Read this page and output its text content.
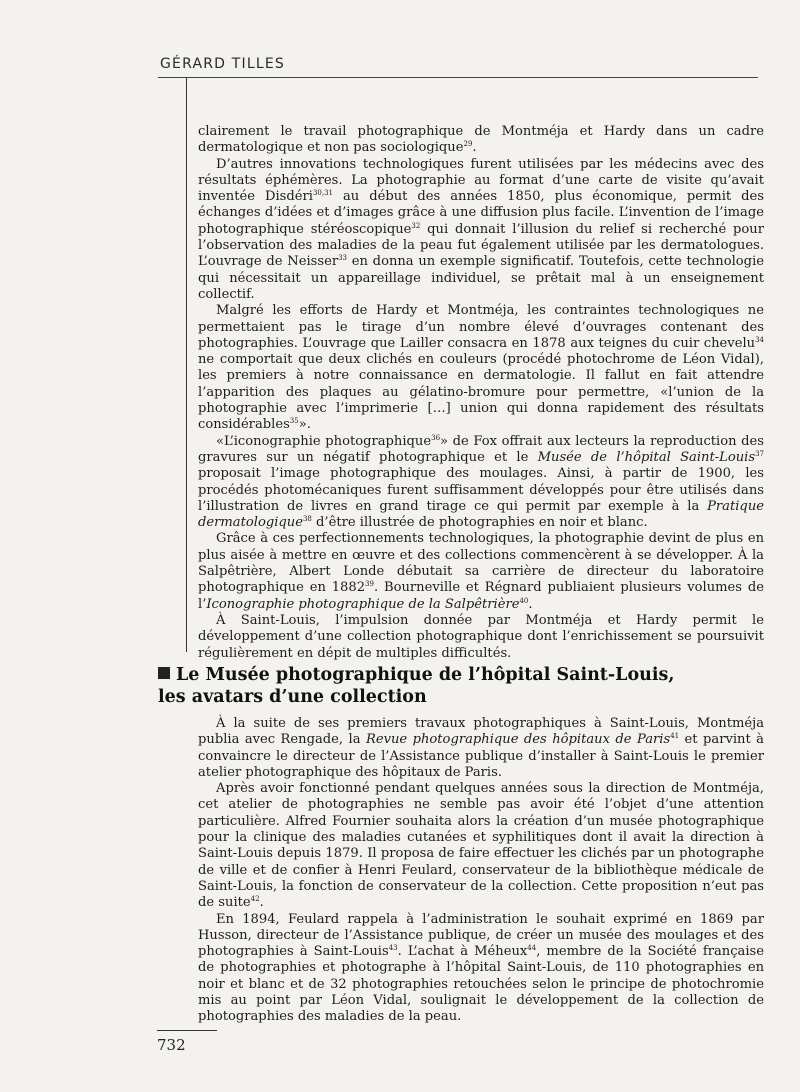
GÉRARD TILLES

clairement le travail photographique de Montméja et Hardy dans un cadre dermatologique et non pas sociologique$^{29}$.

D’autres innovations technologiques furent utilisées par les médecins avec des résultats éphémères. La photographie au format d’une carte de visite qu’avait inventée Disdéri$^{30,31}$ au début des années 1850, plus économique, permit des échanges d’idées et d’images grâce à une diffusion plus facile. L’invention de l’image photographique stéréoscopique$^{32}$ qui donnait l’illusion du relief si recherché pour l’observation des maladies de la peau fut également utilisée par les dermatologues. L’ouvrage de Neisser$^{33}$ en donna un exemple significatif. Toutefois, cette technologie qui nécessitait un appareillage individuel, se prêtait mal à un enseignement collectif.

Malgré les efforts de Hardy et Montméja, les contraintes technologiques ne permettaient pas le tirage d’un nombre élevé d’ouvrages contenant des photographies. L’ouvrage que Lailler consacra en 1878 aux teignes du cuir chevelu$^{34}$ ne comportait que deux clichés en couleurs (procédé photochrome de Léon Vidal), les premiers à notre connaissance en dermatologie. Il fallut en fait attendre l’apparition des plaques au gélatino-bromure pour permettre, «l’union de la photographie avec l’imprimerie […] union qui donna rapidement des résultats considérables$^{35}$».

«L’iconographie photographique$^{36}$» de Fox offrait aux lecteurs la reproduction des gravures sur un négatif photographique et le Musée de l’hôpital Saint-Louis$^{37}$ proposait l’image photographique des moulages. Ainsi, à partir de 1900, les procédés photomécaniques furent suffisamment développés pour être utilisés dans l’illustration de livres en grand tirage ce qui permit par exemple à la Pratique dermatologique$^{38}$ d’être illustrée de photographies en noir et blanc.

Grâce à ces perfectionnements technologiques, la photographie devint de plus en plus aisée à mettre en œuvre et des collections commencèrent à se développer. À la Salpêtrière, Albert Londe débutait sa carrière de directeur du laboratoire photographique en 1882$^{39}$. Bourneville et Régnard publiaient plusieurs volumes de l’Iconographie photographique de la Salpêtrière$^{40}$.

À Saint-Louis, l’impulsion donnée par Montméja et Hardy permit le développement d’une collection photographique dont l’enrichissement se poursuivit régulièrement en dépit de multiples difficultés.

Le Musée photographique de l’hôpital Saint-Louis,
les avatars d’une collection

À la suite de ses premiers travaux photographiques à Saint-Louis, Montméja publia avec Rengade, la Revue photographique des hôpitaux de Paris$^{41}$ et parvint à convaincre le directeur de l’Assistance publique d’installer à Saint-Louis le premier atelier photographique des hôpitaux de Paris.

Après avoir fonctionné pendant quelques années sous la direction de Montméja, cet atelier de photographies ne semble pas avoir été l’objet d’une attention particulière. Alfred Fournier souhaita alors la création d’un musée photographique pour la clinique des maladies cutanées et syphilitiques dont il avait la direction à Saint-Louis depuis 1879. Il proposa de faire effectuer les clichés par un photographe de ville et de confier à Henri Feulard, conservateur de la bibliothèque médicale de Saint-Louis, la fonction de conservateur de la collection. Cette proposition n’eut pas de suite$^{42}$.

En 1894, Feulard rappela à l’administration le souhait exprimé en 1869 par Husson, directeur de l’Assistance publique, de créer un musée des moulages et des photographies à Saint-Louis$^{43}$. L’achat à Méheux$^{44}$, membre de la Société française de photographies et photographe à l’hôpital Saint-Louis, de 110 photographies en noir et blanc et de 32 photographies retouchées selon le principe de photochromie mis au point par Léon Vidal, soulignait le développement de la collection de photographies des maladies de la peau.

732
